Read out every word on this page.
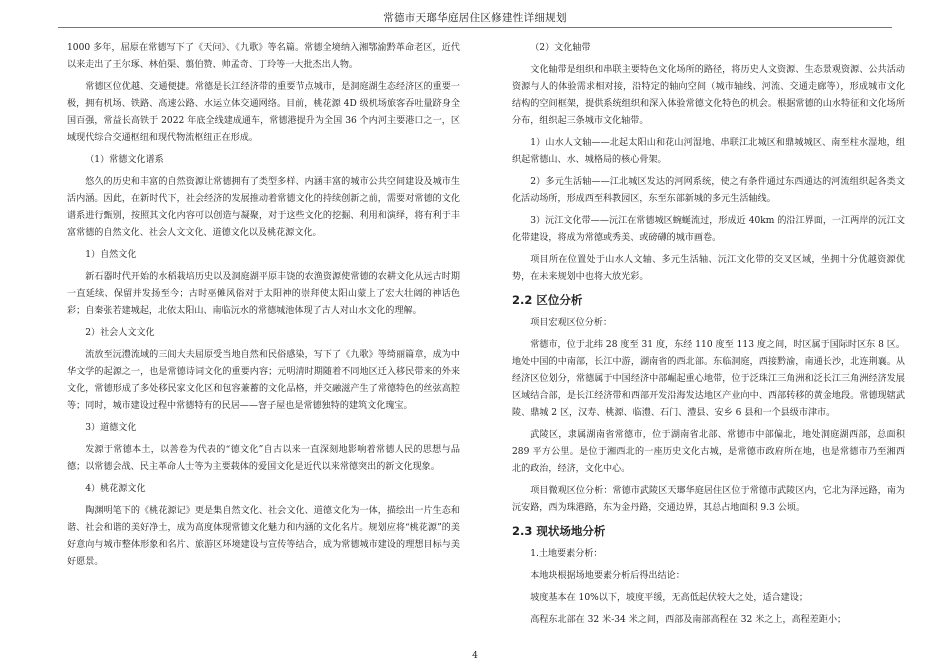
常德市天瑯华庭居住区修建性详细规划

1000 多年，屈原在常德写下了《天问》、《九歌》等名篇。常德全境纳入湘鄂渝黔革命老区，近代以来走出了王尔琢、林伯渠、翦伯赞、帅孟奇、丁玲等一大批杰出人物。

常德区位优越、交通便捷。常德是长江经济带的重要节点城市，是洞庭湖生态经济区的重要一极，拥有机场、铁路、高速公路、水运立体交通网络。目前，桃花源 4D 级机场旅客吞吐量跻身全国百强，常益长高铁于 2022 年底全线建成通车，常德港提升为全国 36 个内河主要港口之一，区域现代综合交通枢纽和现代物流枢纽正在形成。

（1）常德文化谱系

悠久的历史和丰富的自然资源让常德拥有了类型多样、内涵丰富的城市公共空间建设及城市生活内涵。因此，在新时代下，社会经济的发展推动着常德文化的持续创新之前，需要对常德的文化谱系进行甄别，按照其文化内容可以创造与凝聚，对于这些文化的挖掘、利用和演绎，将有利于丰富常德的自然文化、社会人文文化、道德文化以及桃花源文化。

1）自然文化

新石器时代开始的水稻栽培历史以及洞庭湖平原丰饶的农渔资源使常德的农耕文化从远古时期一直延续、保留并发扬至今；古时巫傩风俗对于太阳神的崇拜使太阳山蒙上了宏大壮阔的神话色彩；自秦张若建城起，北依太阳山、南临沅水的常德城池体现了古人对山水文化的理解。

2）社会人文文化

流放至沅澧流域的三闾大夫屈原受当地自然和民俗感染，写下了《九歌》等绮丽篇章，成为中华文学的起源之一，也是常德诗词文化的重要内容；元明清时期随着不同地区迁入移民带来的外来文化，常德形成了多处移民家文化区和包容兼蓄的文化品格，并交融滋产生了常德特色的丝弦高腔等；同时，城市建设过程中常德特有的民居——窨子屋也是常德独特的建筑文化瑰宝。

3）道德文化

发源于常德本土，以善卷为代表的“德文化”自古以来一直深刻地影响着常德人民的思想与品德；以常德会战、民主革命人士等为主要载体的爱国文化是近代以来常德突出的新文化现象。

4）桃花源文化

陶渊明笔下的《桃花源记》更是集自然文化、社会文化、道德文化为一体，描绘出一片生态和谐、社会和谐的美好净土，成为高度体现常德文化魅力和内涵的文化名片。规划应将“桃花源”的美好意向与城市整体形象和名片、旅游区环境建设与宣传等结合，成为常德城市建设的理想目标与美好愿景。

（2）文化轴带

文化轴带是组织和串联主要特色文化场所的路径，将历史人文资源、生态景观资源、公共活动资源与人的体验需求相对接，沿特定的轴向空间（城市轴线、河流、交通走廊等），形成城市文化结构的空间框架，提供系统组织和深入体验常德文化特色的机会。根据常德的山水特征和文化场所分布，组织起三条城市文化轴带。

1）山水人文轴——北起太阳山和花山河湿地、串联江北城区和鼎城城区、南至柱水湿地，组织起常德山、水、城格局的核心骨架。

2）多元生活轴——江北城区发达的河网系统，使之有条件通过东西通达的河流组织起各类文化活动场所，形成西至科教园区，东至东部新城的多元生活轴线。

3）沅江文化带——沅江在常德城区蜿蜒流过，形成近 40km 的沿江界面，一江两岸的沅江文化带建设，将成为常德或秀美、或磅礴的城市画卷。

项目所在位置处于山水人文轴、多元生活轴、沅江文化带的交叉区域，坐拥十分优越资源优势，在未来规划中也将大放光彩。

2.2 区位分析

项目宏观区位分析：

常德市，位于北纬 28 度至 31 度，东经 110 度至 113 度之间，时区属于国际时区东 8 区。地处中国的中南部，长江中游，湖南省的西北部。东临洞庭，西接黔渝，南通长沙，北连荆襄。从经济区位划分，常德属于中国经济中部崛起重心地带，位于泛珠江三角洲和泛长江三角洲经济发展区域结合部，是长江经济带和西部开发沿海发达地区产业向中、西部转移的黄金地段。常德现辖武陵、鼎城 2 区，汉寿、桃源、临澧、石门、澧县、安乡 6 县和一个县级市津市。

武陵区，隶属湖南省常德市，位于湖南省北部、常德市中部偏北，地处洞庭湖西部，总面积 289 平方公里。是位于湘西北的一座历史文化古城，是常德市政府所在地，也是常德市乃至湘西北的政治，经济，文化中心。

项目微观区位分析：常德市武陵区天瑯华庭居住区位于常德市武陵区内，它北为泽远路，南为沅安路，西为珠港路，东为金丹路，交通边界，其总占地面积 9.3 公顷。

2.3 现状场地分析

1.土地要素分析：

本地块根据场地要素分析后得出结论：

坡度基本在 10%以下，坡度平缓，无高低起伏较大之处，适合建设；

高程东北部在 32 米-34 米之间，西部及南部高程在 32 米之上，高程差距小；

4
